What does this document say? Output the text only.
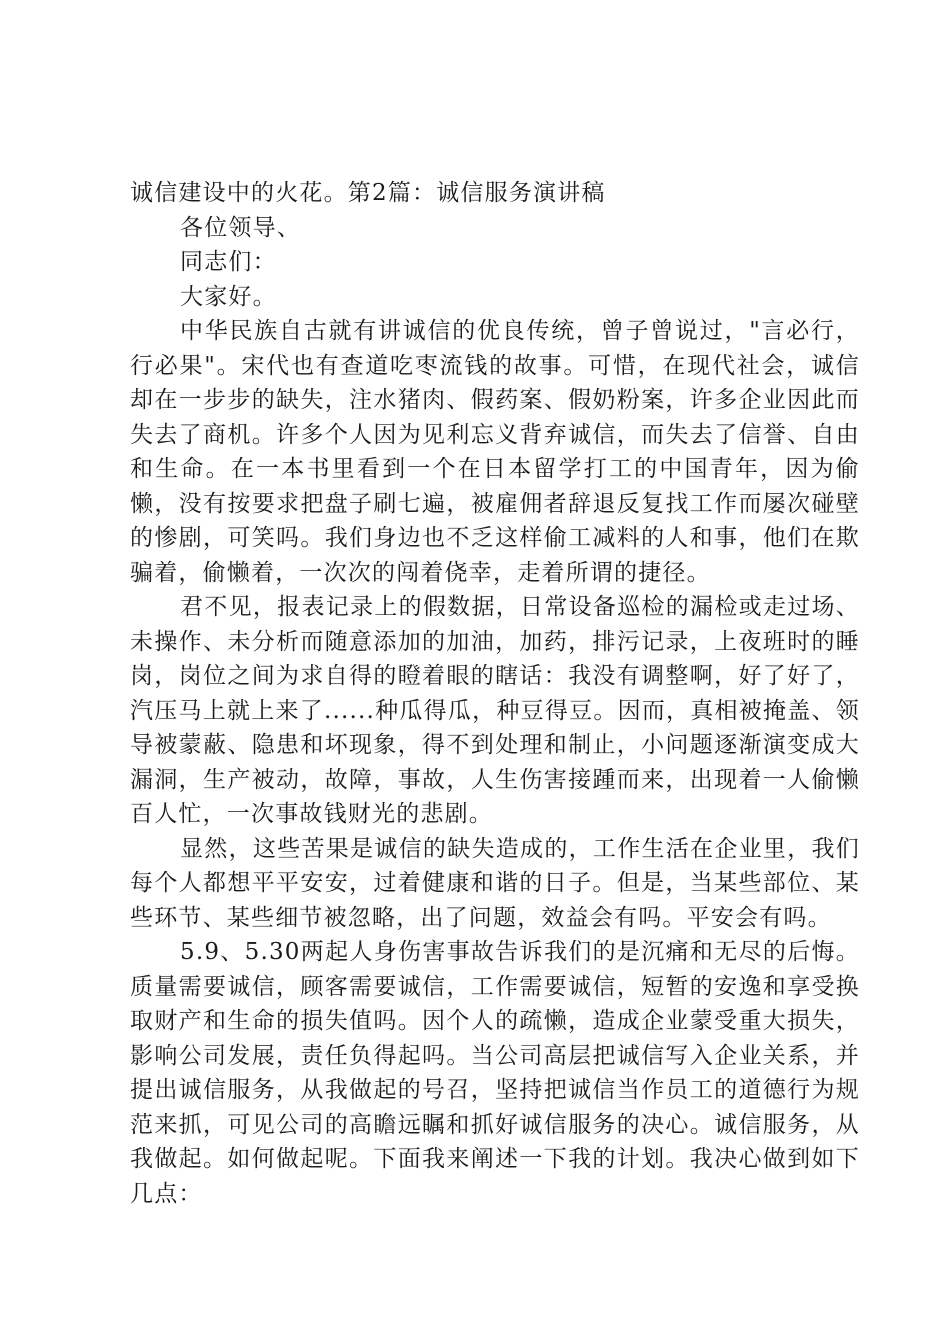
诚信建设中的火花。第2篇：诚信服务演讲稿

各位领导、

同志们：

大家好。

中华民族自古就有讲诚信的优良传统，曾子曾说过，"言必行，行必果"。宋代也有查道吃枣流钱的故事。可惜，在现代社会，诚信却在一步步的缺失，注水猪肉、假药案、假奶粉案，许多企业因此而失去了商机。许多个人因为见利忘义背弃诚信，而失去了信誉、自由和生命。在一本书里看到一个在日本留学打工的中国青年，因为偷懒，没有按要求把盘子刷七遍，被雇佣者辞退反复找工作而屡次碰壁的惨剧，可笑吗。我们身边也不乏这样偷工减料的人和事，他们在欺骗着，偷懒着，一次次的闯着侥幸，走着所谓的捷径。

君不见，报表记录上的假数据，日常设备巡检的漏检或走过场、未操作、未分析而随意添加的加油，加药，排污记录，上夜班时的睡岗，岗位之间为求自得的瞪着眼的瞎话：我没有调整啊，好了好了，汽压马上就上来了......种瓜得瓜，种豆得豆。因而，真相被掩盖、领导被蒙蔽、隐患和坏现象，得不到处理和制止，小问题逐渐演变成大漏洞，生产被动，故障，事故，人生伤害接踵而来，出现着一人偷懒百人忙，一次事故钱财光的悲剧。

显然，这些苦果是诚信的缺失造成的，工作生活在企业里，我们每个人都想平平安安，过着健康和谐的日子。但是，当某些部位、某些环节、某些细节被忽略，出了问题，效益会有吗。平安会有吗。

5.9、5.30两起人身伤害事故告诉我们的是沉痛和无尽的后悔。质量需要诚信，顾客需要诚信，工作需要诚信，短暂的安逸和享受换取财产和生命的损失值吗。因个人的疏懒，造成企业蒙受重大损失，影响公司发展，责任负得起吗。当公司高层把诚信写入企业关系，并提出诚信服务，从我做起的号召，坚持把诚信当作员工的道德行为规范来抓，可见公司的高瞻远瞩和抓好诚信服务的决心。诚信服务，从我做起。如何做起呢。下面我来阐述一下我的计划。我决心做到如下几点：
